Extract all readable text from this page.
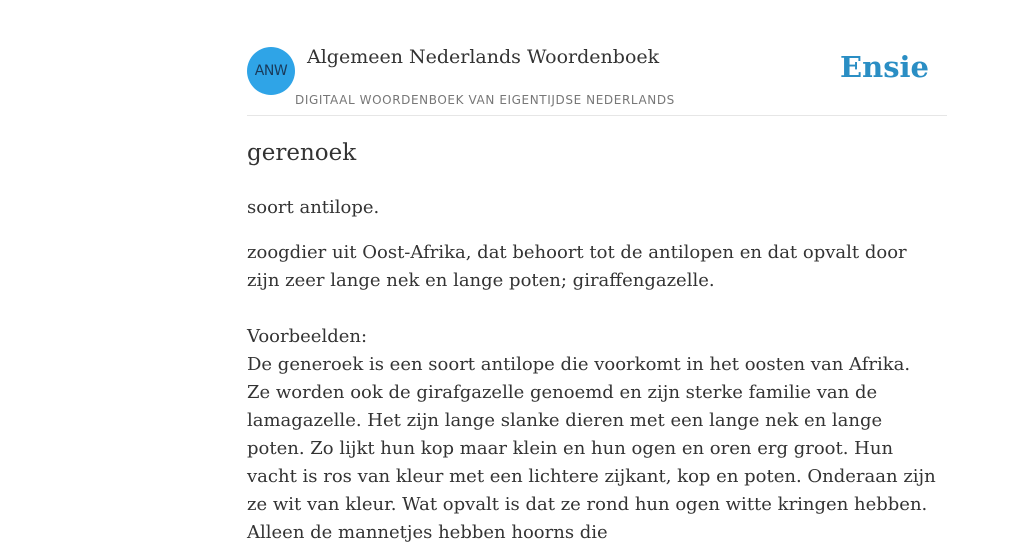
ANW
Algemeen Nederlands Woordenboek
DIGITAAL WOORDENBOEK VAN EIGENTIJDSE NEDERLANDS
Ensie
gerenoek

soort antilope.

zoogdier uit Oost-Afrika, dat behoort tot de antilopen en dat opvalt door zijn zeer lange nek en lange poten; giraffengazelle.

Voorbeelden:
De generoek is een soort antilope die voorkomt in het oosten van Afrika. Ze worden ook de girafgazelle genoemd en zijn sterke familie van de lamagazelle. Het zijn lange slanke dieren met een lange nek en lange poten. Zo lijkt hun kop maar klein en hun ogen en oren erg groot. Hun vacht is ros van kleur met een lichtere zijkant, kop en poten. Onderaan zijn ze wit van kleur. Wat opvalt is dat ze rond hun ogen witte kringen hebben. Alleen de mannetjes hebben hoorns die
